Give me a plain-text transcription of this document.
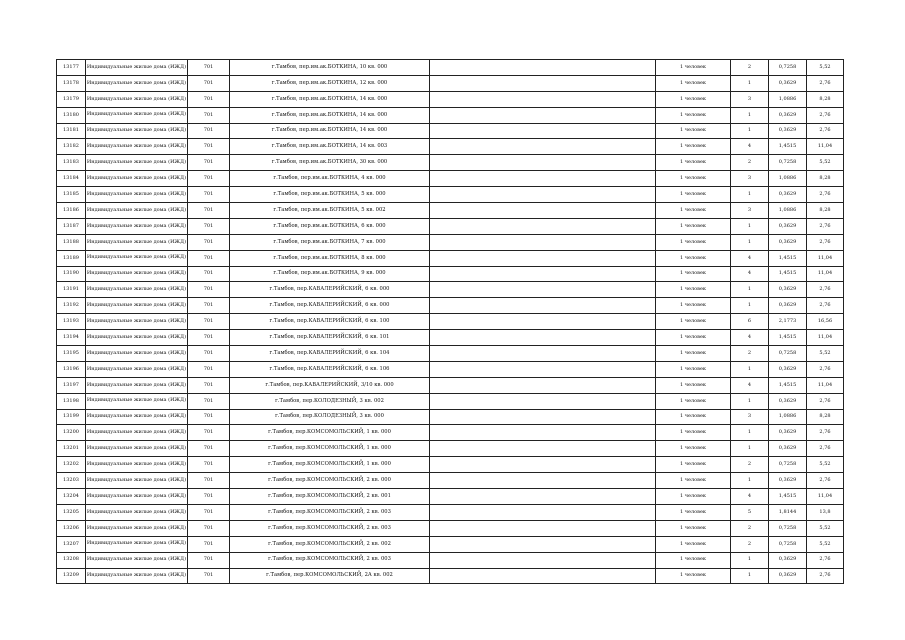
13177	Индивидуальные жилые дома (ИЖД)	701	г.Тамбов, пер.им.ак.БОТКИНА, 10 кв. 000		1 человек	2	0,7258	5,52
13178	Индивидуальные жилые дома (ИЖД)	701	г.Тамбов, пер.им.ак.БОТКИНА, 12 кв. 000		1 человек	1	0,3629	2,76
13179	Индивидуальные жилые дома (ИЖД)	701	г.Тамбов, пер.им.ак.БОТКИНА, 14 кв. 000		1 человек	3	1,0886	8,28
13180	Индивидуальные жилые дома (ИЖД)	701	г.Тамбов, пер.им.ак.БОТКИНА, 14 кв. 000		1 человек	1	0,3629	2,76
13181	Индивидуальные жилые дома (ИЖД)	701	г.Тамбов, пер.им.ак.БОТКИНА, 14 кв. 000		1 человек	1	0,3629	2,76
13182	Индивидуальные жилые дома (ИЖД)	701	г.Тамбов, пер.им.ак.БОТКИНА, 14 кв. 003		1 человек	4	1,4515	11,04
13183	Индивидуальные жилые дома (ИЖД)	701	г.Тамбов, пер.им.ак.БОТКИНА, 30 кв. 000		1 человек	2	0,7258	5,52
13184	Индивидуальные жилые дома (ИЖД)	701	г.Тамбов, пер.им.ак.БОТКИНА, 4 кв. 000		1 человек	3	1,0886	8,28
13185	Индивидуальные жилые дома (ИЖД)	701	г.Тамбов, пер.им.ак.БОТКИНА, 5 кв. 000		1 человек	1	0,3629	2,76
13186	Индивидуальные жилые дома (ИЖД)	701	г.Тамбов, пер.им.ак.БОТКИНА, 5 кв. 002		1 человек	3	1,0886	8,28
13187	Индивидуальные жилые дома (ИЖД)	701	г.Тамбов, пер.им.ак.БОТКИНА, 6 кв. 000		1 человек	1	0,3629	2,76
13188	Индивидуальные жилые дома (ИЖД)	701	г.Тамбов, пер.им.ак.БОТКИНА, 7 кв. 000		1 человек	1	0,3629	2,76
13189	Индивидуальные жилые дома (ИЖД)	701	г.Тамбов, пер.им.ак.БОТКИНА, 8 кв. 000		1 человек	4	1,4515	11,04
13190	Индивидуальные жилые дома (ИЖД)	701	г.Тамбов, пер.им.ак.БОТКИНА, 9 кв. 000		1 человек	4	1,4515	11,04
13191	Индивидуальные жилые дома (ИЖД)	701	г.Тамбов, пер.КАВАЛЕРИЙСКИЙ, 6 кв. 000		1 человек	1	0,3629	2,76
13192	Индивидуальные жилые дома (ИЖД)	701	г.Тамбов, пер.КАВАЛЕРИЙСКИЙ, 6 кв. 000		1 человек	1	0,3629	2,76
13193	Индивидуальные жилые дома (ИЖД)	701	г.Тамбов, пер.КАВАЛЕРИЙСКИЙ, 6 кв. 100		1 человек	6	2,1773	16,56
13194	Индивидуальные жилые дома (ИЖД)	701	г.Тамбов, пер.КАВАЛЕРИЙСКИЙ, 6 кв. 101		1 человек	4	1,4515	11,04
13195	Индивидуальные жилые дома (ИЖД)	701	г.Тамбов, пер.КАВАЛЕРИЙСКИЙ, 6 кв. 104		1 человек	2	0,7258	5,52
13196	Индивидуальные жилые дома (ИЖД)	701	г.Тамбов, пер.КАВАЛЕРИЙСКИЙ, 6 кв. 106		1 человек	1	0,3629	2,76
13197	Индивидуальные жилые дома (ИЖД)	701	г.Тамбов, пер.КАВАЛЕРИЙСКИЙ, 3/10 кв. 000		1 человек	4	1,4515	11,04
13198	Индивидуальные жилые дома (ИЖД)	701	г.Тамбов, пер.КОЛОДЕЗНЫЙ, 3 кв. 002		1 человек	1	0,3629	2,76
13199	Индивидуальные жилые дома (ИЖД)	701	г.Тамбов, пер.КОЛОДЕЗНЫЙ, 3 кв. 000		1 человек	3	1,0886	8,28
13200	Индивидуальные жилые дома (ИЖД)	701	г.Тамбов, пер.КОМСОМОЛЬСКИЙ, 1 кв. 000		1 человек	1	0,3629	2,76
13201	Индивидуальные жилые дома (ИЖД)	701	г.Тамбов, пер.КОМСОМОЛЬСКИЙ, 1 кв. 000		1 человек	1	0,3629	2,76
13202	Индивидуальные жилые дома (ИЖД)	701	г.Тамбов, пер.КОМСОМОЛЬСКИЙ, 1 кв. 000		1 человек	2	0,7258	5,52
13203	Индивидуальные жилые дома (ИЖД)	701	г.Тамбов, пер.КОМСОМОЛЬСКИЙ, 2 кв. 000		1 человек	1	0,3629	2,76
13204	Индивидуальные жилые дома (ИЖД)	701	г.Тамбов, пер.КОМСОМОЛЬСКИЙ, 2 кв. 001		1 человек	4	1,4515	11,04
13205	Индивидуальные жилые дома (ИЖД)	701	г.Тамбов, пер.КОМСОМОЛЬСКИЙ, 2 кв. 003		1 человек	5	1,8144	13,8
13206	Индивидуальные жилые дома (ИЖД)	701	г.Тамбов, пер.КОМСОМОЛЬСКИЙ, 2 кв. 003		1 человек	2	0,7258	5,52
13207	Индивидуальные жилые дома (ИЖД)	701	г.Тамбов, пер.КОМСОМОЛЬСКИЙ, 2 кв. 002		1 человек	2	0,7258	5,52
13208	Индивидуальные жилые дома (ИЖД)	701	г.Тамбов, пер.КОМСОМОЛЬСКИЙ, 2 кв. 003		1 человек	1	0,3629	2,76
13209	Индивидуальные жилые дома (ИЖД)	701	г.Тамбов, пер.КОМСОМОЛЬСКИЙ, 2А кв. 002		1 человек	1	0,3629	2,76
